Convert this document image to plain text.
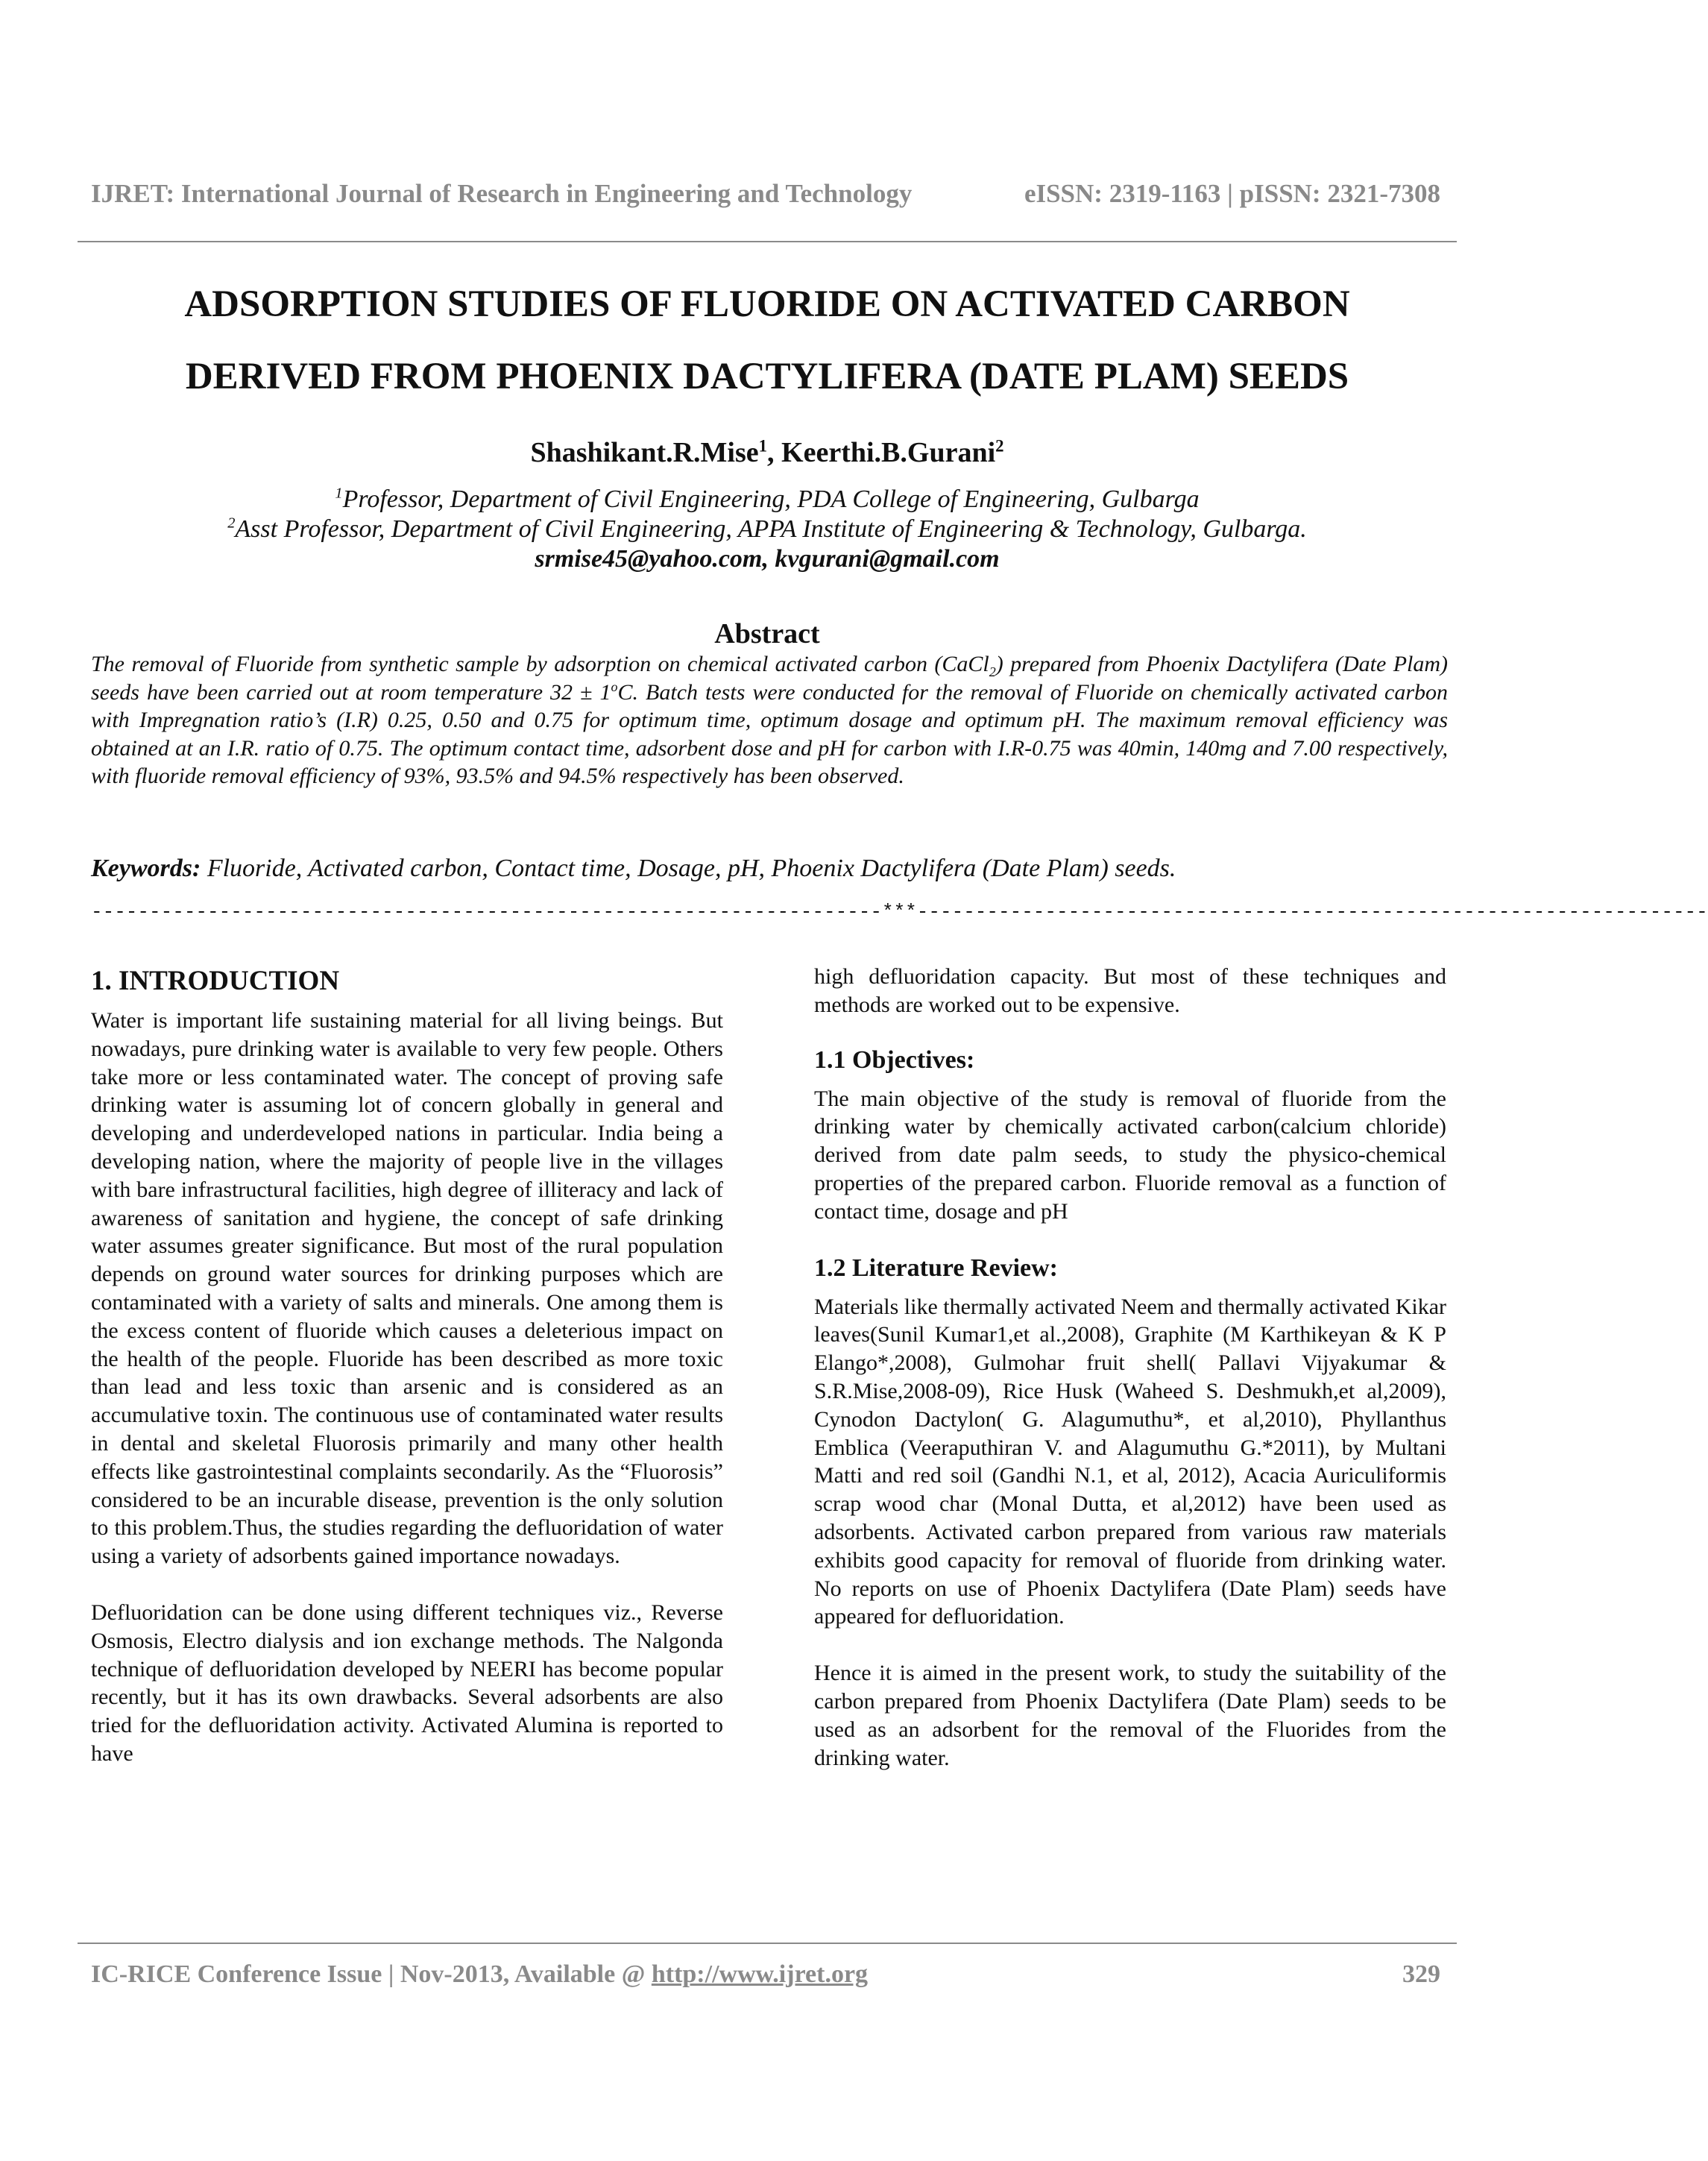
IJRET: International Journal of Research in Engineering and Technology	eISSN: 2319-1163 | pISSN: 2321-7308
ADSORPTION STUDIES OF FLUORIDE ON ACTIVATED CARBON
DERIVED FROM PHOENIX DACTYLIFERA (DATE PLAM) SEEDS
Shashikant.R.Mise$^1$, Keerthi.B.Gurani$^2$
$^1$Professor, Department of Civil Engineering, PDA College of Engineering, Gulbarga
$^2$Asst Professor, Department of Civil Engineering, APPA Institute of Engineering & Technology, Gulbarga.
srmise45@yahoo.com, kvgurani@gmail.com
Abstract
The removal of Fluoride from synthetic sample by adsorption on chemical activated carbon (CaCl$_2$) prepared from Phoenix Dactylifera (Date Plam) seeds have been carried out at room temperature $32 \pm 1^oC$. Batch tests were conducted for the removal of Fluoride on chemically activated carbon with Impregnation ratio’s (I.R) 0.25, 0.50 and 0.75 for optimum time, optimum dosage and optimum pH. The maximum removal efficiency was obtained at an I.R. ratio of 0.75. The optimum contact time, adsorbent dose and pH for carbon with I.R-0.75 was 40min, 140mg and 7.00 respectively, with fluoride removal efficiency of 93%, 93.5% and 94.5% respectively has been observed.
Keywords: Fluoride, Activated carbon, Contact time, Dosage, pH, Phoenix Dactylifera (Date Plam) seeds.
--------------------------------------------------------------------***--------------------------------------------------------------------
1. INTRODUCTION

Water is important life sustaining material for all living beings. But nowadays, pure drinking water is available to very few people. Others take more or less contaminated water. The concept of proving safe drinking water is assuming lot of concern globally in general and developing and underdeveloped nations in particular. India being a developing nation, where the majority of people live in the villages with bare infrastructural facilities, high degree of illiteracy and lack of awareness of sanitation and hygiene, the concept of safe drinking water assumes greater significance. But most of the rural population depends on ground water sources for drinking purposes which are contaminated with a variety of salts and minerals. One among them is the excess content of fluoride which causes a deleterious impact on the health of the people. Fluoride has been described as more toxic than lead and less toxic than arsenic and is considered as an accumulative toxin. The continuous use of contaminated water results in dental and skeletal Fluorosis primarily and many other health effects like gastrointestinal complaints secondarily. As the “Fluorosis” considered to be an incurable disease, prevention is the only solution to this problem.Thus, the studies regarding the defluoridation of water using a variety of adsorbents gained importance nowadays.

Defluoridation can be done using different techniques viz., Reverse Osmosis, Electro dialysis and ion exchange methods. The Nalgonda technique of defluoridation developed by NEERI has become popular recently, but it has its own drawbacks. Several adsorbents are also tried for the defluoridation activity. Activated Alumina is reported to have

high defluoridation capacity. But most of these techniques and methods are worked out to be expensive.

1.1 Objectives:

The main objective of the study is removal of fluoride from the drinking water by chemically activated carbon(calcium chloride) derived from date palm seeds, to study the physico-chemical properties of the prepared carbon. Fluoride removal as a function of contact time, dosage and pH

1.2 Literature Review:

Materials like thermally activated Neem and thermally activated Kikar leaves(Sunil Kumar1,et al.,2008), Graphite (M Karthikeyan & K P Elango*,2008), Gulmohar fruit shell( Pallavi Vijyakumar & S.R.Mise,2008-09), Rice Husk (Waheed S. Deshmukh,et al,2009), Cynodon Dactylon( G. Alagumuthu*, et al,2010), Phyllanthus Emblica (Veeraputhiran V. and Alagumuthu G.*2011), by Multani Matti and red soil (Gandhi N.1, et al, 2012), Acacia Auriculiformis scrap wood char (Monal Dutta, et al,2012) have been used as adsorbents. Activated carbon prepared from various raw materials exhibits good capacity for removal of fluoride from drinking water. No reports on use of Phoenix Dactylifera (Date Plam) seeds have appeared for defluoridation.

Hence it is aimed in the present work, to study the suitability of the carbon prepared from Phoenix Dactylifera (Date Plam) seeds to be used as an adsorbent for the removal of the Fluorides from the drinking water.

IC-RICE Conference Issue | Nov-2013, Available @ http://www.ijret.org	329
